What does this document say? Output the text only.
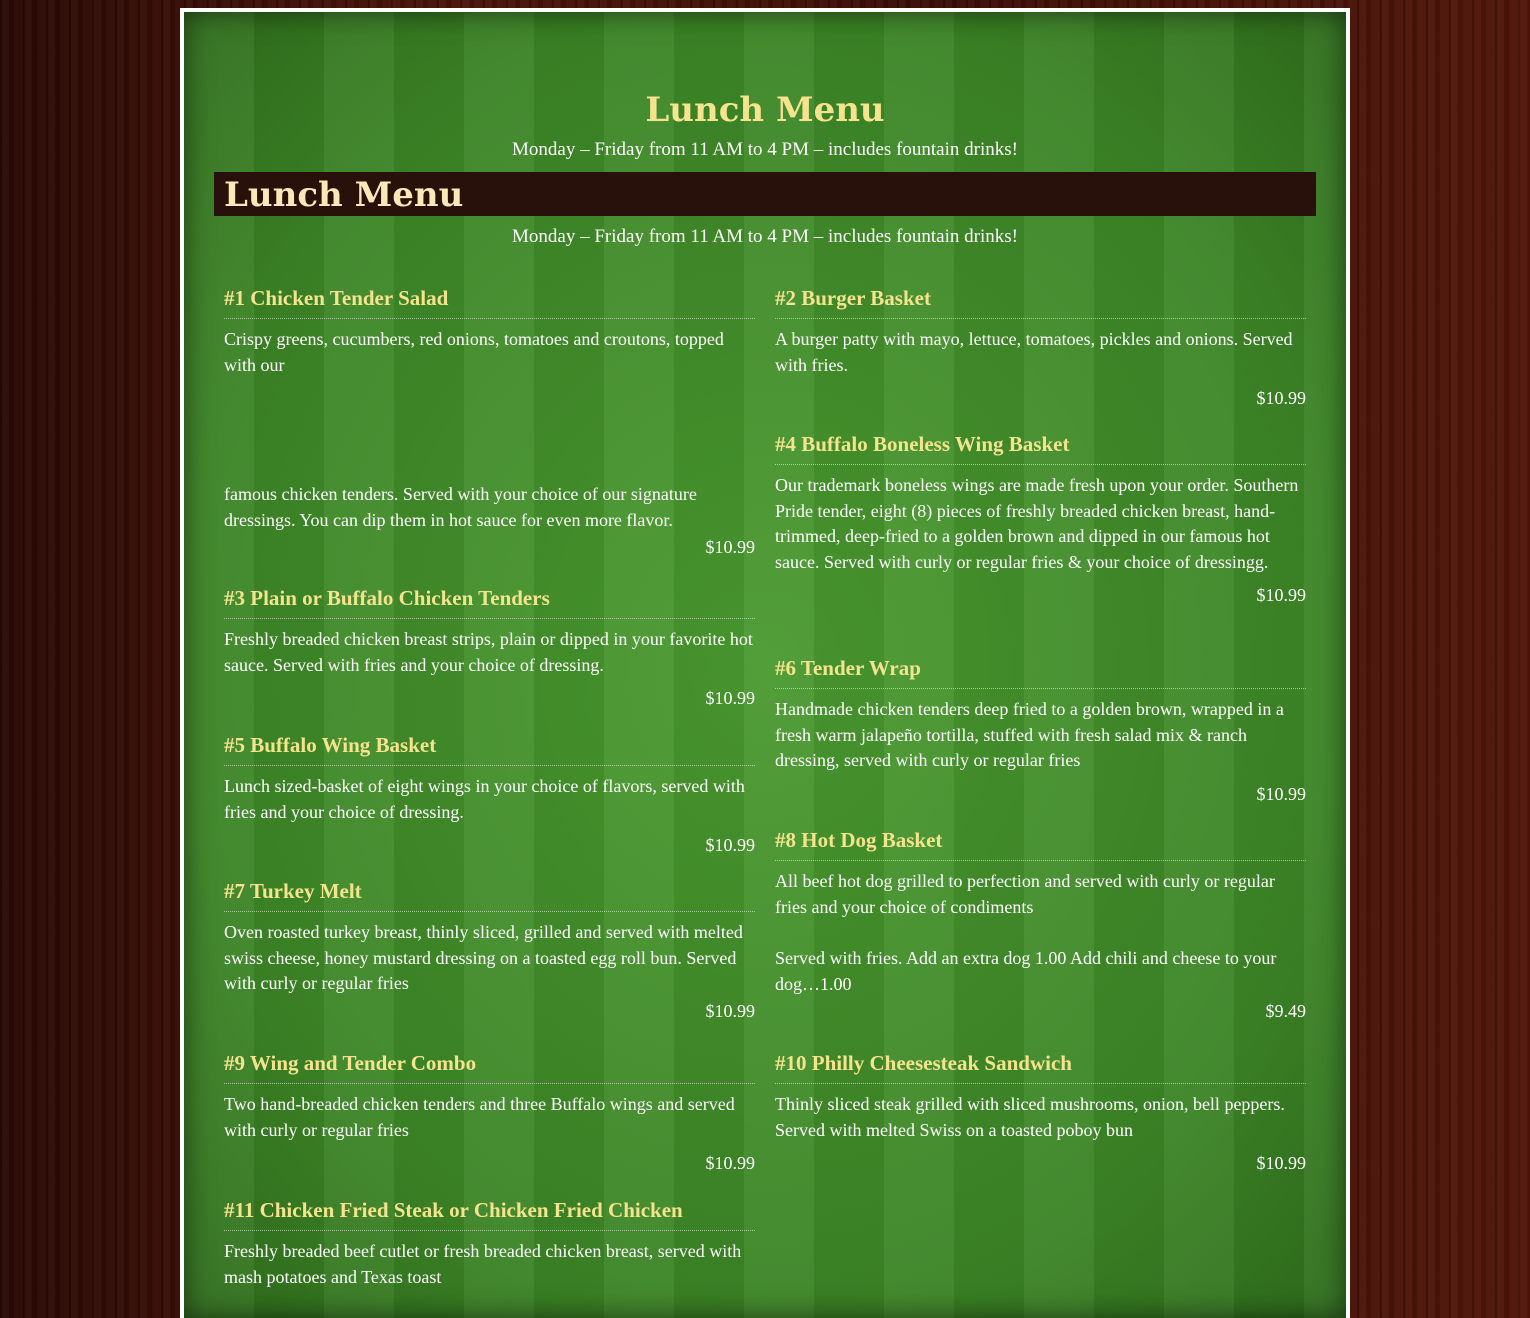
Lunch Menu

Monday – Friday from 11 AM to 4 PM – includes fountain drinks!

Lunch Menu

Monday – Friday from 11 AM to 4 PM – includes fountain drinks!

#1 Chicken Tender Salad

Crispy greens, cucumbers, red onions, tomatoes and croutons, topped with our

famous chicken tenders. Served with your choice of our signature dressings. You can dip them in hot sauce for even more flavor.

$10.99

#2 Burger Basket

A burger patty with mayo, lettuce, tomatoes, pickles and onions. Served with fries.

$10.99

#3 Plain or Buffalo Chicken Tenders

Freshly breaded chicken breast strips, plain or dipped in your favorite hot sauce. Served with fries and your choice of dressing.

$10.99

#4 Buffalo Boneless Wing Basket

Our trademark boneless wings are made fresh upon your order. Southern Pride tender, eight (8) pieces of freshly breaded chicken breast, hand-trimmed, deep-fried to a golden brown and dipped in our famous hot sauce. Served with curly or regular fries & your choice of dressingg.

$10.99

#5 Buffalo Wing Basket

Lunch sized-basket of eight wings in your choice of flavors, served with fries and your choice of dressing.

$10.99

#6 Tender Wrap

Handmade chicken tenders deep fried to a golden brown, wrapped in a fresh warm jalapeño tortilla, stuffed with fresh salad mix & ranch dressing, served with curly or regular fries

$10.99

#7 Turkey Melt

Oven roasted turkey breast, thinly sliced, grilled and served with melted swiss cheese, honey mustard dressing on a toasted egg roll bun. Served with curly or regular fries

$10.99

#8 Hot Dog Basket

All beef hot dog grilled to perfection and served with curly or regular fries and your choice of condiments

Served with fries. Add an extra dog 1.00 Add chili and cheese to your dog…1.00

$9.49

#9 Wing and Tender Combo

Two hand-breaded chicken tenders and three Buffalo wings and served with curly or regular fries

$10.99

#10 Philly Cheesesteak Sandwich

Thinly sliced steak grilled with sliced mushrooms, onion, bell peppers. Served with melted Swiss on a toasted poboy bun

$10.99

#11 Chicken Fried Steak or Chicken Fried Chicken

Freshly breaded beef cutlet or fresh breaded chicken breast, served with mash potatoes and Texas toast
